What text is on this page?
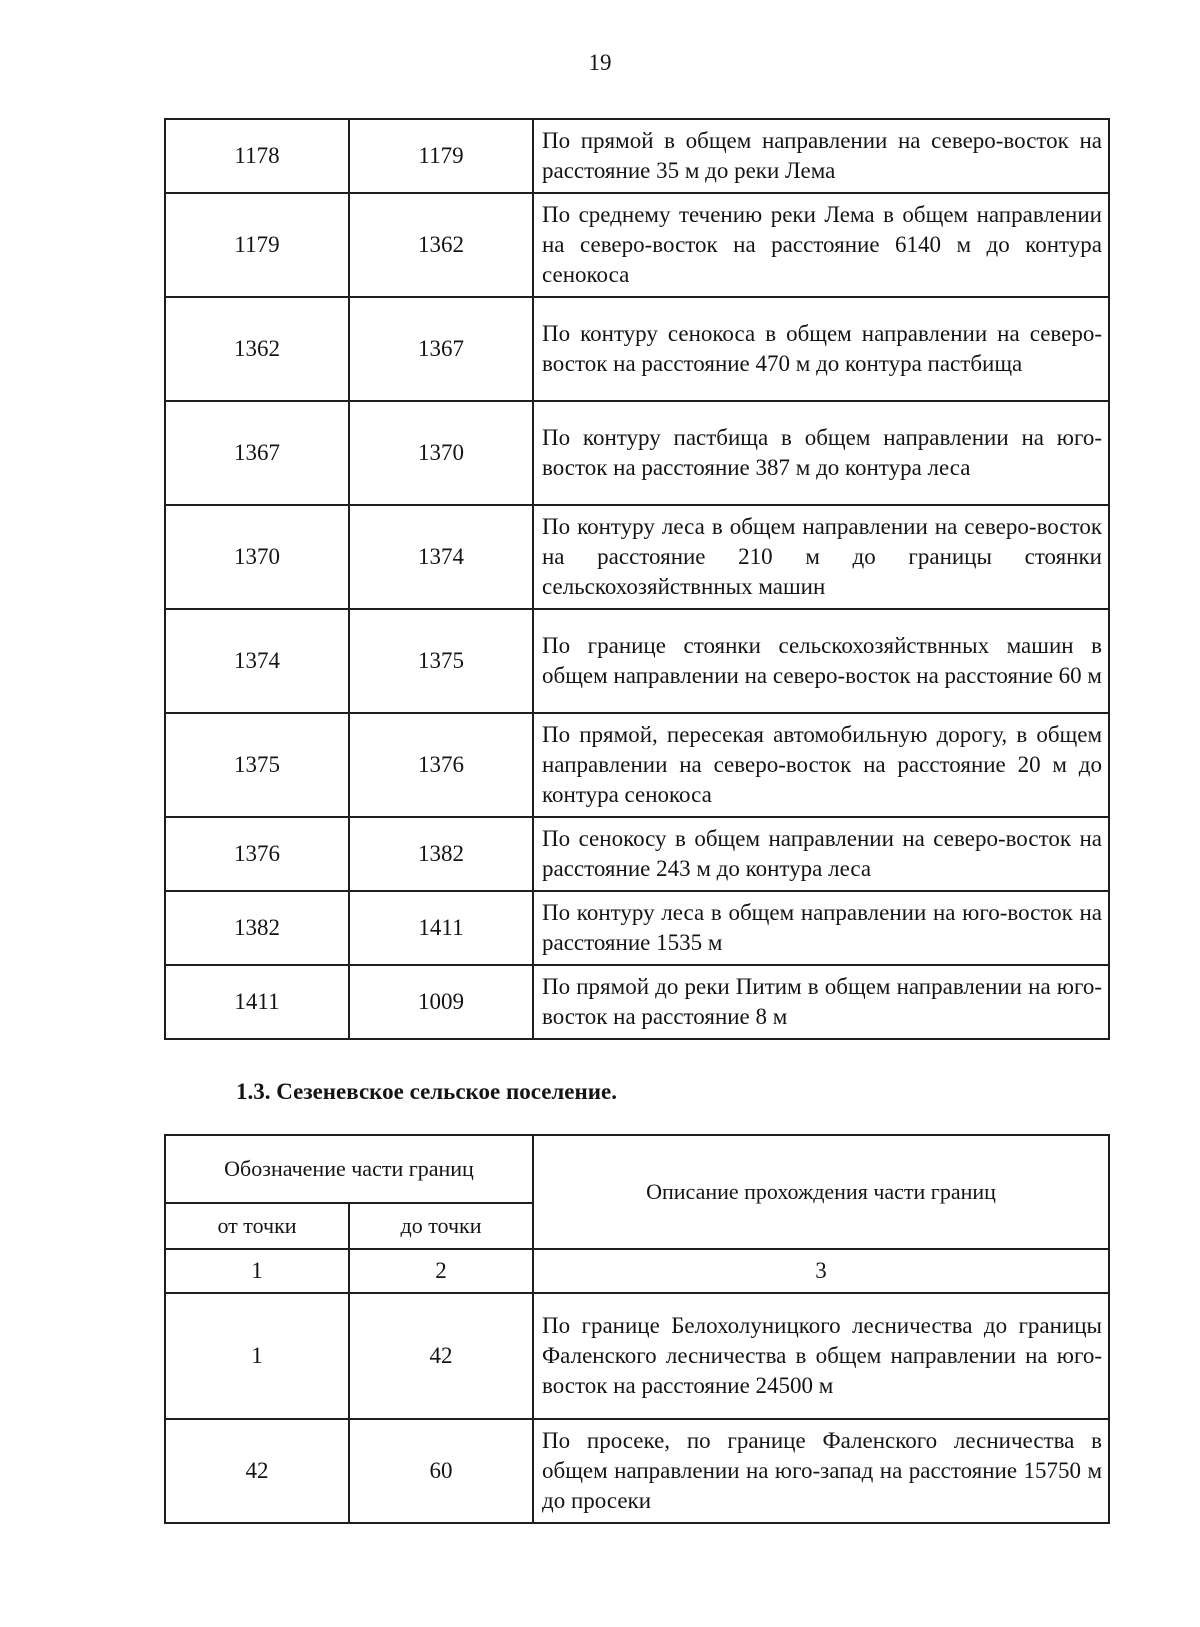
19
1178	1179	По прямой в общем направлении на северо-восток на расстояние 35 м до реки Лема
1179	1362	По среднему течению реки Лема в общем направлении на северо-восток на расстояние 6140 м до контура сенокоса
1362	1367	По контуру сенокоса в общем направлении на северо-восток на расстояние 470 м до контура пастбища
1367	1370	По контуру пастбища в общем направлении на юго-восток на расстояние 387 м до контура леса
1370	1374	По контуру леса в общем направлении на северо-восток на расстояние 210 м до границы стоянки сельскохозяйствнных машин
1374	1375	По границе стоянки сельскохозяйствнных машин в общем направлении на северо-восток на расстояние 60 м
1375	1376	По прямой, пересекая автомобильную дорогу, в общем направлении на северо-восток на расстояние 20 м до контура сенокоса
1376	1382	По сенокосу в общем направлении на северо-восток на расстояние 243 м до контура леса
1382	1411	По контуру леса в общем направлении на юго-восток на расстояние 1535 м
1411	1009	По прямой до реки Питим в общем направлении на юго-восток на расстояние 8 м
1.3. Сезеневское сельское поселение.
Обозначение части границ		Описание прохождения части границ
от точки	до точки	
1	2	3
1	42	По границе Белохолуницкого лесничества до границы Фаленского лесничества в общем направлении на юго-восток на расстояние 24500 м
42	60	По просеке, по границе Фаленского лесничества в общем направлении на юго-запад на расстояние 15750 м до просеки
